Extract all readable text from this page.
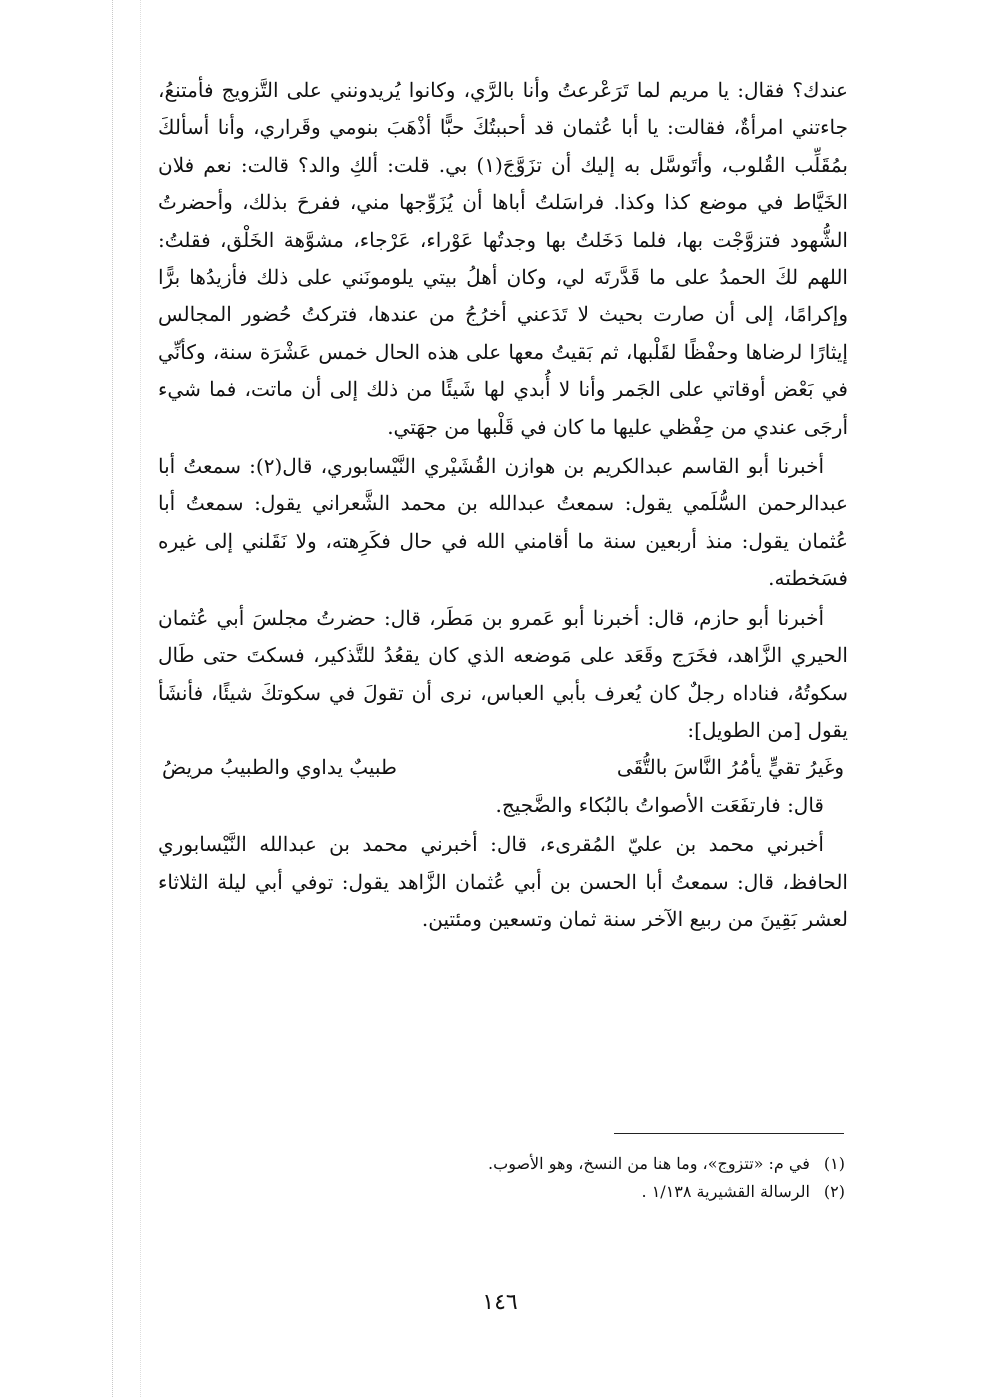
عندك؟ فقال: يا مريم لما تَرَعْرعتُ وأنا بالرَّي، وكانوا يُريدونني على التَّزويج فأمتنعُ، جاءتني امرأةٌ، فقالت: يا أبا عُثمان قد أحببتُكَ حبًّا أذْهَبَ بنومي وقَراري، وأنا أسألكَ بمُقَلِّب القُلوب، وأتَوسَّل به إليك أن تزَوَّجَ(١) بي. قلت: ألكِ والد؟ قالت: نعم فلان الخَيَّاط في موضع كذا وكذا. فراسَلتُ أباها أن يُزَوِّجها مني، ففرحَ بذلك، وأحضرتُ الشُّهود فتزوَّجْت بها، فلما دَخَلتُ بها وجدتُها عَوْراء، عَرْجاء، مشوَّهة الخَلْق، فقلتُ: اللهم لكَ الحمدُ على ما قَدَّرتَه لي، وكان أهلُ بيتي يلومونَني على ذلك فأزيدُها برًّا وإكرامًا، إلى أن صارت بحيث لا تَدَعني أخرُجُ من عندها، فتركتُ حُضور المجالس إيثارًا لرضاها وحفْظًا لقَلْبها، ثم بَقيتُ معها على هذه الحال خمس عَشْرَة سنة، وكأنِّي في بَعْض أوقاتي على الجَمر وأنا لا أُبدي لها شَيئًا من ذلك إلى أن ماتت، فما شيء أرجَى عندي من حِفْظي عليها ما كان في قَلْبها من جهَتي.

أخبرنا أبو القاسم عبدالكريم بن هوازن القُشَيْري النَّيْسابوري، قال(٢): سمعتُ أبا عبدالرحمن السُّلَمي يقول: سمعتُ عبدالله بن محمد الشَّعراني يقول: سمعتُ أبا عُثمان يقول: منذ أربعين سنة ما أقامني الله في حال فكَرِهته، ولا نَقَلني إلى غيره فسَخطته.

أخبرنا أبو حازم، قال: أخبرنا أبو عَمرو بن مَطَر، قال: حضرتُ مجلسَ أبي عُثمان الحيري الزَّاهد، فخَرَج وقَعَد على مَوضعه الذي كان يقعُدُ للتَّذكير، فسكتَ حتى طَال سكوتُهُ، فناداه رجلٌ كان يُعرف بأبي العباس، نرى أن تقولَ في سكوتكَ شيئًا، فأنشَأ يقول [من الطويل]:

وغَيرُ تقيٍّ يأمُرُ النَّاسَ بالتُّقَى
طبيبٌ يداوي والطبيبُ مريضُ

قال: فارتفَعَت الأصواتُ بالبُكاء والضَّجيج.

أخبرني محمد بن عليّ المُقرىء، قال: أخبرني محمد بن عبدالله النَّيْسابوري الحافظ، قال: سمعتُ أبا الحسن بن أبي عُثمان الزَّاهد يقول: توفي أبي ليلة الثلاثاء لعشر بَقِينَ من ربيع الآخر سنة ثمان وتسعين ومئتين.

(١)
في م: «تتزوج»، وما هنا من النسخ، وهو الأصوب.
(٢)
الرسالة القشيرية ١/١٣٨ .
١٤٦
